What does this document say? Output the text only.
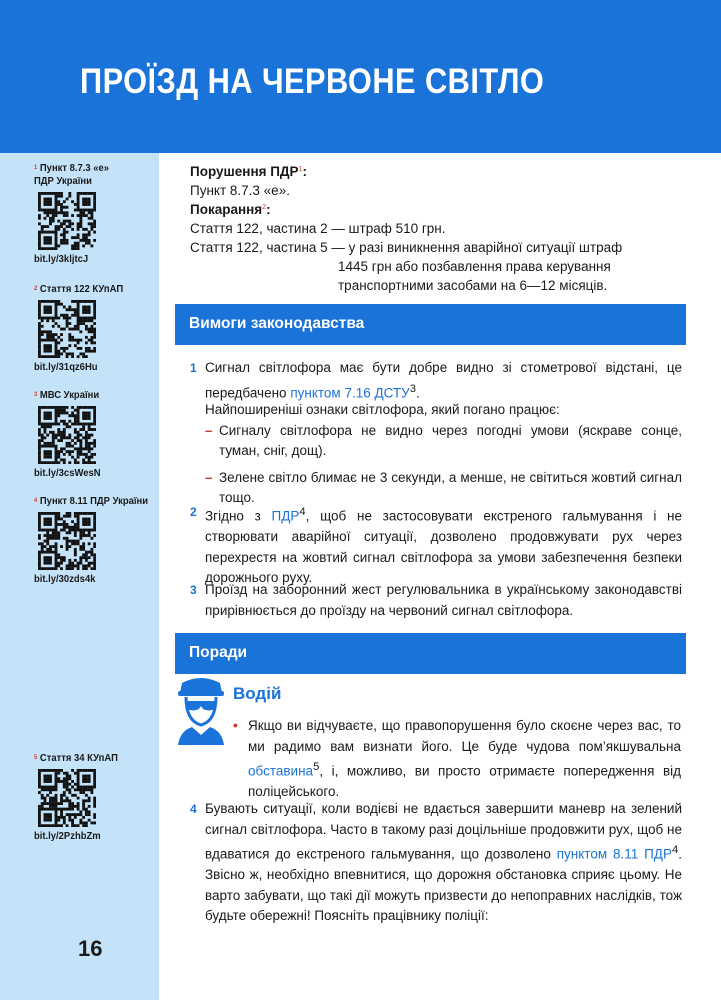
ПРОЇЗД НА ЧЕРВОНЕ СВІТЛО
$^1$ Пункт 8.7.3 «е»
ПДР України
bit.ly/3kljtcJ
$^2$ Стаття 122 КУпАП
bit.ly/31qz6Hu
$^3$ МВС України
bit.ly/3csWesN
$^4$ Пункт 8.11 ПДР України
bit.ly/30zds4k
$^5$ Стаття 34 КУпАП
bit.ly/2PzhbZm
16

Порушення ПДР$^1$:

Пункт 8.7.3 «е».

Покарання$^2$:

Стаття 122, частина 2 — штраф 510 грн.

Стаття 122, частина 5 — у разі виникнення аварійної ситуації штраф

1445 грн або позбавлення права керування

транспортними засобами на 6—12 місяців.

Вимоги законодавства
1 Сигнал світлофора має бути добре видно зі стометрової відстані, це передбачено пунктом 7.16 ДСТУ$^3$.
Найпоширеніші ознаки світлофора, який погано працює:
– Сигналу світлофора не видно через погодні умови (яскраве сонце, туман, сніг, дощ).
– Зелене світло блимає не 3 секунди, а менше, не світиться жовтий сигнал тощо.
2 Згідно з ПДР$^4$, щоб не застосовувати екстреного гальмування і не створювати аварійної ситуації, дозволено продовжувати рух через перехрестя на жовтий сигнал світлофора за умови забезпечення безпеки дорожнього руху.
3 Проїзд на заборонний жест регулювальника в українському законодавстві прирівнюється до проїзду на червоний сигнал світлофора.
Поради
Водій
• Якщо ви відчуваєте, що правопорушення було скоєне через вас, то ми радимо вам визнати його. Це буде чудова пом’якшувальна обставина$^5$, і, можливо, ви просто отримаєте попередження від поліцейського.
4 Бувають ситуації, коли водієві не вдається завершити маневр на зелений сигнал світлофора. Часто в такому разі доцільніше продовжити рух, щоб не вдаватися до екстреного гальмування, що дозволено пунктом 8.11 ПДР$^4$. Звісно ж, необхідно впевнитися, що дорожня обстановка сприяє цьому. Не варто забувати, що такі дії можуть призвести до непоправних наслідків, тож будьте обережні! Поясніть працівнику поліції:
